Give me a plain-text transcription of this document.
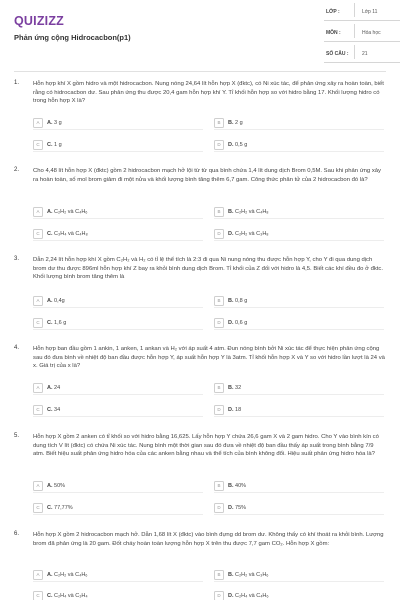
QUIZIZZ
Phản ứng cộng Hidrocacbon(p1)
LỚP :	Lớp 11
MÔN :	Hóa học
SỐ CÂU :	21
1. Hỗn hợp khí X gồm hidro và một hidrocacbon. Nung nóng 24,64 lít hỗn hợp X (đktc), có Ni xúc tác, để phản ứng xảy ra hoàn toàn, biết rằng có hidrocacbon dư. Sau phản ứng thu được 20,4 gam hỗn hợp khí Y. Tỉ khối hỗn hợp so với hidro bằng 17. Khối lượng hidro có trong hỗn hợp X là?
A	A. 3 g	B	B. 2 g
C	C. 1 g	D	D. 0,5 g
2. Cho 4,48 lít hỗn hợp X (đktc) gồm 2 hidrocacbon mạch hở lội từ từ qua bình chứa 1,4 lít dung dịch Brom 0,5M. Sau khi phản ứng xảy ra hoàn toàn, số mol brom giảm đi một nửa và khối lượng bình tăng thêm 6,7 gam. Công thức phân tử của 2 hidrocacbon đó là?
A	A. C₂H₂ và C₄H₆	B	B. C₂H₂ và C₄H₈
C	C. C₃H₄ và C₄H₈	D	D. C₂H₂ và C₃H₈
3. Dẫn 2,24 lít hỗn hợp khí X gồm C₂H₂ và H₂ có tỉ lệ thể tích là 2:3 đi qua Ni nung nóng thu được hỗn hợp Y, cho Y đi qua dung dịch brom dư thu được 896ml hỗn hợp khí Z bay ra khỏi bình dung dịch Brom. Tỉ khối của Z đối với hidro là 4,5. Biết các khí đều đo ở đktc. Khối lượng bình brom tăng thêm là
A	A. 0,4g	B	B. 0,8 g
C	C. 1,6 g	D	D. 0,6 g
4. Hỗn hợp ban đầu gồm 1 ankin, 1 anken, 1 ankan và H₂ với áp suất 4 atm. Đun nóng bình bởi Ni xúc tác để thực hiện phản ứng cộng sau đó đưa bình về nhiệt độ ban đầu được hỗn hợp Y, áp suất hỗn hợp Y là 3atm. Tỉ khối hỗn hợp X và Y so với hidro lần lượt là 24 và x. Giá trị của x là?
A	A. 24	B	B. 32
C	C. 34	D	D. 18
5. Hỗn hợp X gồm 2 anken có tỉ khối so với hidro bằng 16,625. Lấy hỗn hợp Y chứa 26,6 gam X và 2 gam hidro. Cho Y vào bình kín có dung tích V lít (đktc) có chứa Ni xúc tác. Nung bình một thời gian sau đó đưa về nhiệt độ ban đầu thấy áp suất trong bình bằng 7/9 atm. Biết hiệu suất phản ứng hidro hóa của các anken bằng nhau và thể tích của bình không đổi. Hiệu suất phản ứng hidro hóa là?
A	A. 50%	B	B. 40%
C	C. 77,77%	D	D. 75%
6. Hỗn hợp X gồm 2 hidrocacbon mạch hở. Dẫn 1,68 lít X (đktc) vào bình đựng dd brom dư. Không thấy có khí thoát ra khỏi bình. Lượng brom đã phản ứng là 20 gam. Đốt cháy hoàn toàn lượng hỗn hợp X trên thu được 7,7 gam CO₂. Hỗn hợp X gồm:
A	A. C₂H₂ và C₄H₆	B	B. C₂H₂ và C₃H₆
C	C. C₂H₄ và C₃H₄	D	D. C₂H₄ và C₄H₆
